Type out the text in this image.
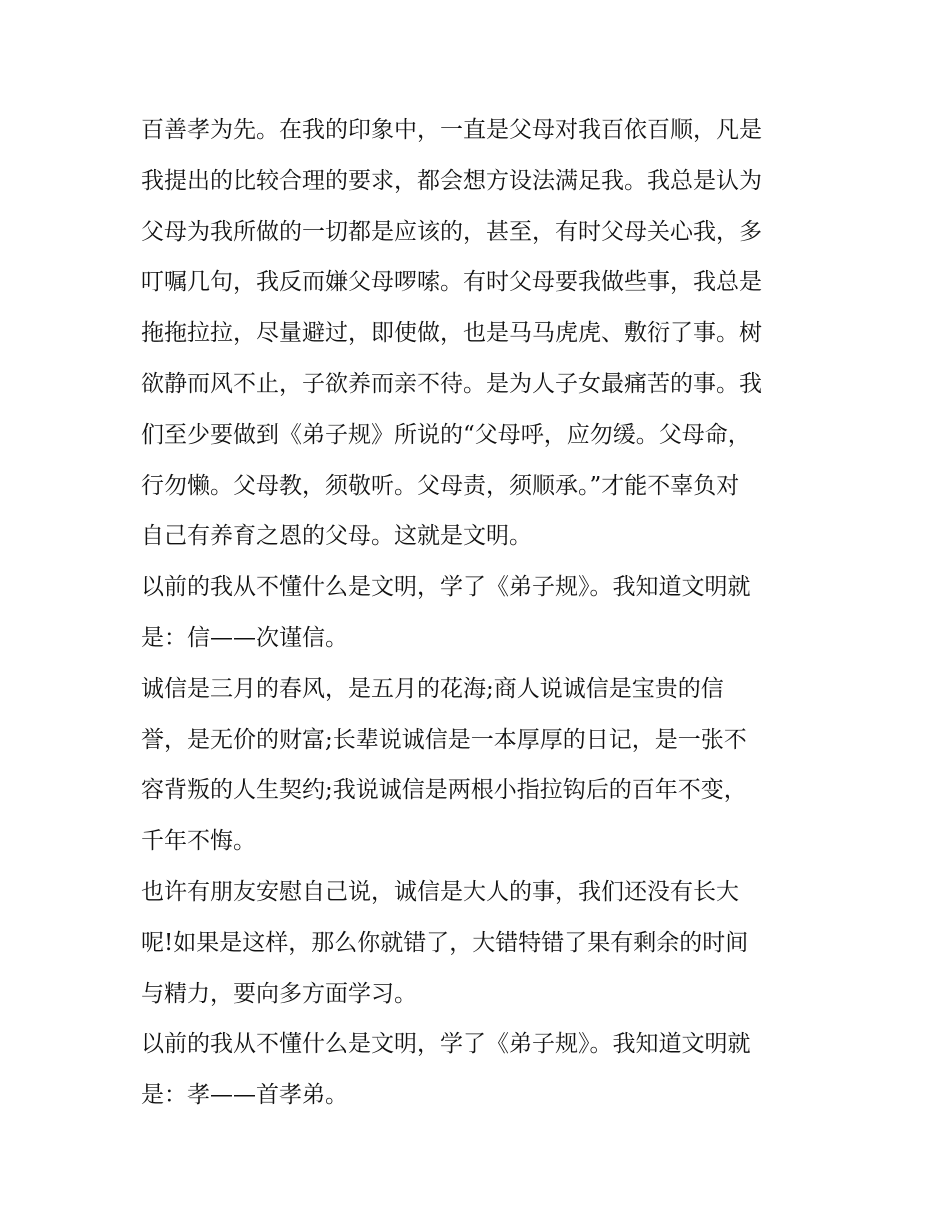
百善孝为先。在我的印象中，一直是父母对我百依百顺，凡是
我提出的比较合理的要求，都会想方设法满足我。我总是认为
父母为我所做的一切都是应该的，甚至，有时父母关心我，多
叮嘱几句，我反而嫌父母啰嗦。有时父母要我做些事，我总是
拖拖拉拉，尽量避过，即使做，也是马马虎虎、敷衍了事。树
欲静而风不止，子欲养而亲不待。是为人子女最痛苦的事。我
们至少要做到《弟子规》所说的“父母呼，应勿缓。父母命，
行勿懒。父母教，须敬听。父母责，须顺承。”才能不辜负对
自己有养育之恩的父母。这就是文明。
以前的我从不懂什么是文明，学了《弟子规》。我知道文明就
是：信——次谨信。
诚信是三月的春风，是五月的花海;商人说诚信是宝贵的信
誉，是无价的财富;长辈说诚信是一本厚厚的日记，是一张不
容背叛的人生契约;我说诚信是两根小指拉钩后的百年不变，
千年不悔。
也许有朋友安慰自己说，诚信是大人的事，我们还没有长大
呢!如果是这样，那么你就错了，大错特错了果有剩余的时间
与精力，要向多方面学习。
以前的我从不懂什么是文明，学了《弟子规》。我知道文明就
是：孝——首孝弟。
